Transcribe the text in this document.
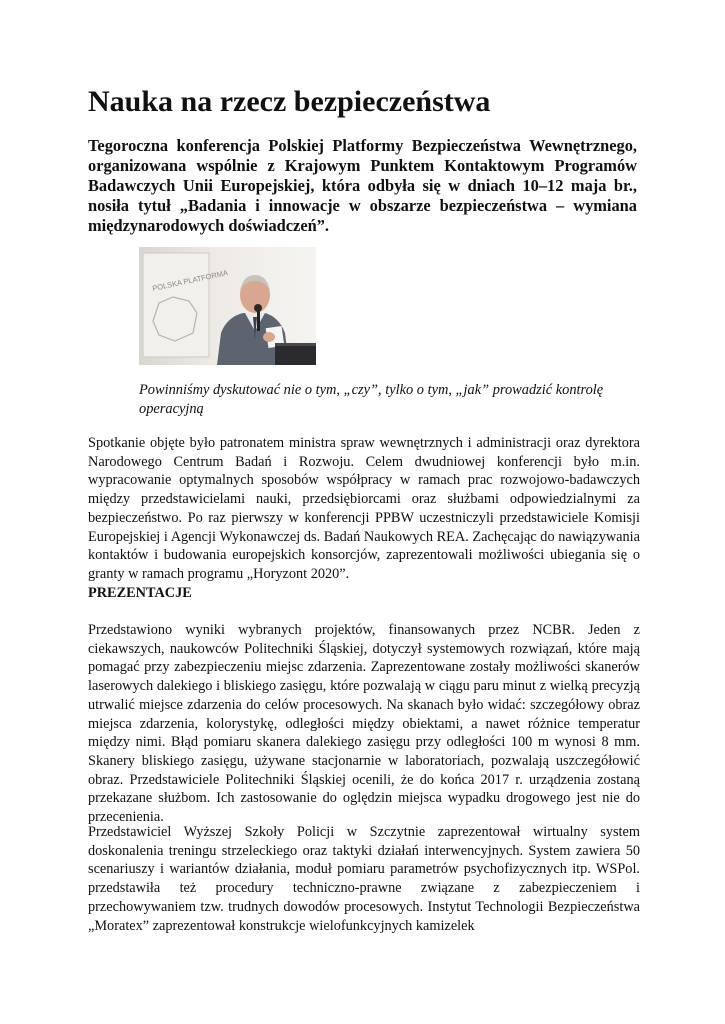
Nauka na rzecz bezpieczeństwa

Tegoroczna konferencja Polskiej Platformy Bezpieczeństwa Wewnętrznego, organizowana wspólnie z Krajowym Punktem Kontaktowym Programów Badawczych Unii Europejskiej, która odbyła się w dniach 10–12 maja br., nosiła tytuł „Badania i innowacje w obszarze bezpieczeństwa – wymiana międzynarodowych doświadczeń”.

POLSKA PLATFORMA

Powinniśmy dyskutować nie o tym, „czy”, tylko o tym, „jak” prowadzić kontrolę operacyjną

Spotkanie objęte było patronatem ministra spraw wewnętrznych i administracji oraz dyrektora Narodowego Centrum Badań i Rozwoju. Celem dwudniowej konferencji było m.in. wypracowanie optymalnych sposobów współpracy w ramach prac rozwojowo-badawczych między przedstawicielami nauki, przedsiębiorcami oraz służbami odpowiedzialnymi za bezpieczeństwo. Po raz pierwszy w konferencji PPBW uczestniczyli przedstawiciele Komisji Europejskiej i Agencji Wykonawczej ds. Badań Naukowych REA. Zachęcając do nawiązywania kontaktów i budowania europejskich konsorcjów, zaprezentowali możliwości ubiegania się o granty w ramach programu „Horyzont 2020”.

PREZENTACJE

Przedstawiono wyniki wybranych projektów, finansowanych przez NCBR. Jeden z ciekawszych, naukowców Politechniki Śląskiej, dotyczył systemowych rozwiązań, które mają pomagać przy zabezpieczeniu miejsc zdarzenia. Zaprezentowane zostały możliwości skanerów laserowych dalekiego i bliskiego zasięgu, które pozwalają w ciągu paru minut z wielką precyzją utrwalić miejsce zdarzenia do celów procesowych. Na skanach było widać: szczegółowy obraz miejsca zdarzenia, kolorystykę, odległości między obiektami, a nawet różnice temperatur między nimi. Błąd pomiaru skanera dalekiego zasięgu przy odległości 100 m wynosi 8 mm. Skanery bliskiego zasięgu, używane stacjonarnie w laboratoriach, pozwalają uszczegółowić obraz. Przedstawiciele Politechniki Śląskiej ocenili, że do końca 2017 r. urządzenia zostaną przekazane służbom. Ich zastosowanie do oględzin miejsca wypadku drogowego jest nie do przecenienia.

Przedstawiciel Wyższej Szkoły Policji w Szczytnie zaprezentował wirtualny system doskonalenia treningu strzeleckiego oraz taktyki działań interwencyjnych. System zawiera 50 scenariuszy i wariantów działania, moduł pomiaru parametrów psychofizycznych itp. WSPol. przedstawiła też procedury techniczno-prawne związane z zabezpieczeniem i przechowywaniem tzw. trudnych dowodów procesowych. Instytut Technologii Bezpieczeństwa „Moratex” zaprezentował konstrukcje wielofunkcyjnych kamizelek
